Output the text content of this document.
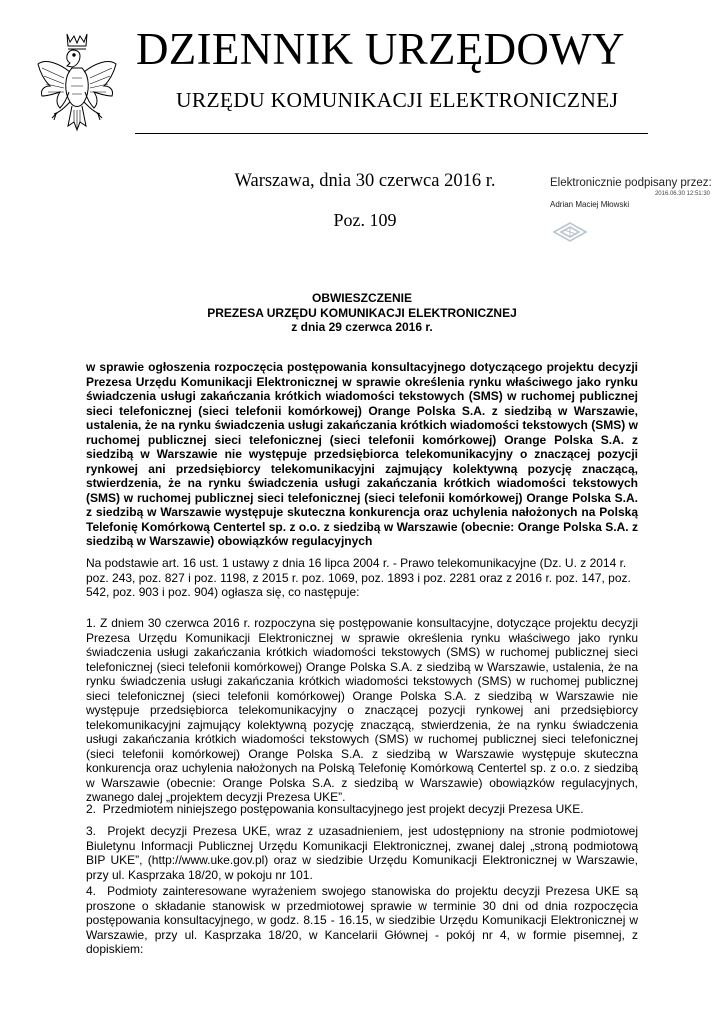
DZIENNIK URZĘDOWY
URZĘDU KOMUNIKACJI ELEKTRONICZNEJ
Warszawa, dnia 30 czerwca 2016 r.
Poz. 109
Elektronicznie podpisany przez:
2016.06.30 12:51:30
Adrian Maciej Młowski
OBWIESZCZENIE
PREZESA URZĘDU KOMUNIKACJI ELEKTRONICZNEJ
z dnia 29 czerwca 2016 r.
w sprawie ogłoszenia rozpoczęcia postępowania konsultacyjnego dotyczącego projektu decyzji Prezesa Urzędu Komunikacji Elektronicznej w sprawie określenia rynku właściwego jako rynku świadczenia usługi zakańczania krótkich wiadomości tekstowych (SMS) w ruchomej publicznej sieci telefonicznej (sieci telefonii komórkowej) Orange Polska S.A. z siedzibą w Warszawie, ustalenia, że na rynku świadczenia usługi zakańczania krótkich wiadomości tekstowych (SMS) w ruchomej publicznej sieci telefonicznej (sieci telefonii komórkowej) Orange Polska S.A. z siedzibą w Warszawie nie występuje przedsiębiorca telekomunikacyjny o znaczącej pozycji rynkowej ani przedsiębiorcy telekomunikacyjni zajmujący kolektywną pozycję znaczącą, stwierdzenia, że na rynku świadczenia usługi zakańczania krótkich wiadomości tekstowych (SMS) w ruchomej publicznej sieci telefonicznej (sieci telefonii komórkowej) Orange Polska S.A. z siedzibą w Warszawie występuje skuteczna konkurencja oraz uchylenia nałożonych na Polską Telefonię Komórkową Centertel sp. z o.o. z siedzibą w Warszawie (obecnie: Orange Polska S.A. z siedzibą w Warszawie) obowiązków regulacyjnych
Na podstawie art. 16 ust. 1 ustawy z dnia 16 lipca 2004 r. - Prawo telekomunikacyjne (Dz. U. z 2014 r. poz. 243, poz. 827 i poz. 1198, z 2015 r. poz. 1069, poz. 1893 i poz. 2281 oraz z 2016 r. poz. 147, poz. 542, poz. 903 i poz. 904) ogłasza się, co następuje:
1. Z dniem 30 czerwca 2016 r. rozpoczyna się postępowanie konsultacyjne, dotyczące projektu decyzji Prezesa Urzędu Komunikacji Elektronicznej w sprawie określenia rynku właściwego jako rynku świadczenia usługi zakańczania krótkich wiadomości tekstowych (SMS) w ruchomej publicznej sieci telefonicznej (sieci telefonii komórkowej) Orange Polska S.A. z siedzibą w Warszawie, ustalenia, że na rynku świadczenia usługi zakańczania krótkich wiadomości tekstowych (SMS) w ruchomej publicznej sieci telefonicznej (sieci telefonii komórkowej) Orange Polska S.A. z siedzibą w Warszawie nie występuje przedsiębiorca telekomunikacyjny o znaczącej pozycji rynkowej ani przedsiębiorcy telekomunikacyjni zajmujący kolektywną pozycję znaczącą, stwierdzenia, że na rynku świadczenia usługi zakańczania krótkich wiadomości tekstowych (SMS) w ruchomej publicznej sieci telefonicznej (sieci telefonii komórkowej) Orange Polska S.A. z siedzibą w Warszawie występuje skuteczna konkurencja oraz uchylenia nałożonych na Polską Telefonię Komórkową Centertel sp. z o.o. z siedzibą w Warszawie (obecnie: Orange Polska S.A. z siedzibą w Warszawie) obowiązków regulacyjnych, zwanego dalej „projektem decyzji Prezesa UKE”.
2. Przedmiotem niniejszego postępowania konsultacyjnego jest projekt decyzji Prezesa UKE.
3. Projekt decyzji Prezesa UKE, wraz z uzasadnieniem, jest udostępniony na stronie podmiotowej Biuletynu Informacji Publicznej Urzędu Komunikacji Elektronicznej, zwanej dalej „stroną podmiotową BIP UKE”, (http://www.uke.gov.pl) oraz w siedzibie Urzędu Komunikacji Elektronicznej w Warszawie, przy ul. Kasprzaka 18/20, w pokoju nr 101.
4. Podmioty zainteresowane wyrażeniem swojego stanowiska do projektu decyzji Prezesa UKE są proszone o składanie stanowisk w przedmiotowej sprawie w terminie 30 dni od dnia rozpoczęcia postępowania konsultacyjnego, w godz. 8.15 - 16.15, w siedzibie Urzędu Komunikacji Elektronicznej w Warszawie, przy ul. Kasprzaka 18/20, w Kancelarii Głównej - pokój nr 4, w formie pisemnej, z dopiskiem:
